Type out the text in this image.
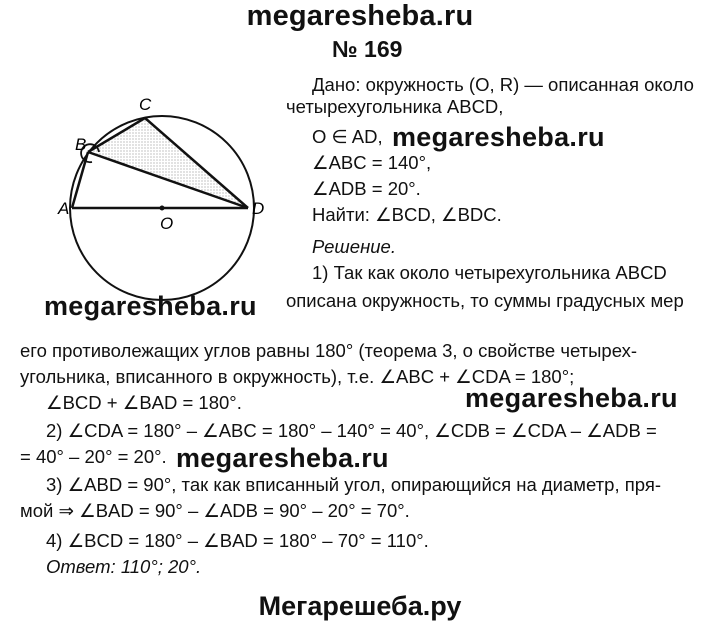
megaresheba.ru
№ 169
A
B
C
D
O
Дано: окружность (O, R) — описанная около
четырехугольника ABCD,
O ∈ AD,
∠ABC = 140°,
∠ADB = 20°.
Найти: ∠BCD, ∠BDC.
Решение.
1) Так как около четырехугольника ABCD
описана окружность, то суммы градусных мер
его противолежащих углов равны 180° (теорема 3, о свойстве четырех-
угольника, вписанного в окружность), т.е. ∠ABC + ∠CDA = 180°;
∠BCD + ∠BAD = 180°.
2) ∠CDA = 180° – ∠ABC = 180° – 140° = 40°, ∠CDB = ∠CDA – ∠ADB =
= 40° – 20° = 20°.
3) ∠ABD = 90°, так как вписанный угол, опирающийся на диаметр, пря-
мой ⇒ ∠BAD = 90° – ∠ADB = 90° – 20° = 70°.
4) ∠BCD = 180° – ∠BAD = 180° – 70° = 110°.
Ответ: 110°; 20°.
megaresheba.ru
megaresheba.ru
megaresheba.ru
megaresheba.ru
Мегарешеба.ру
